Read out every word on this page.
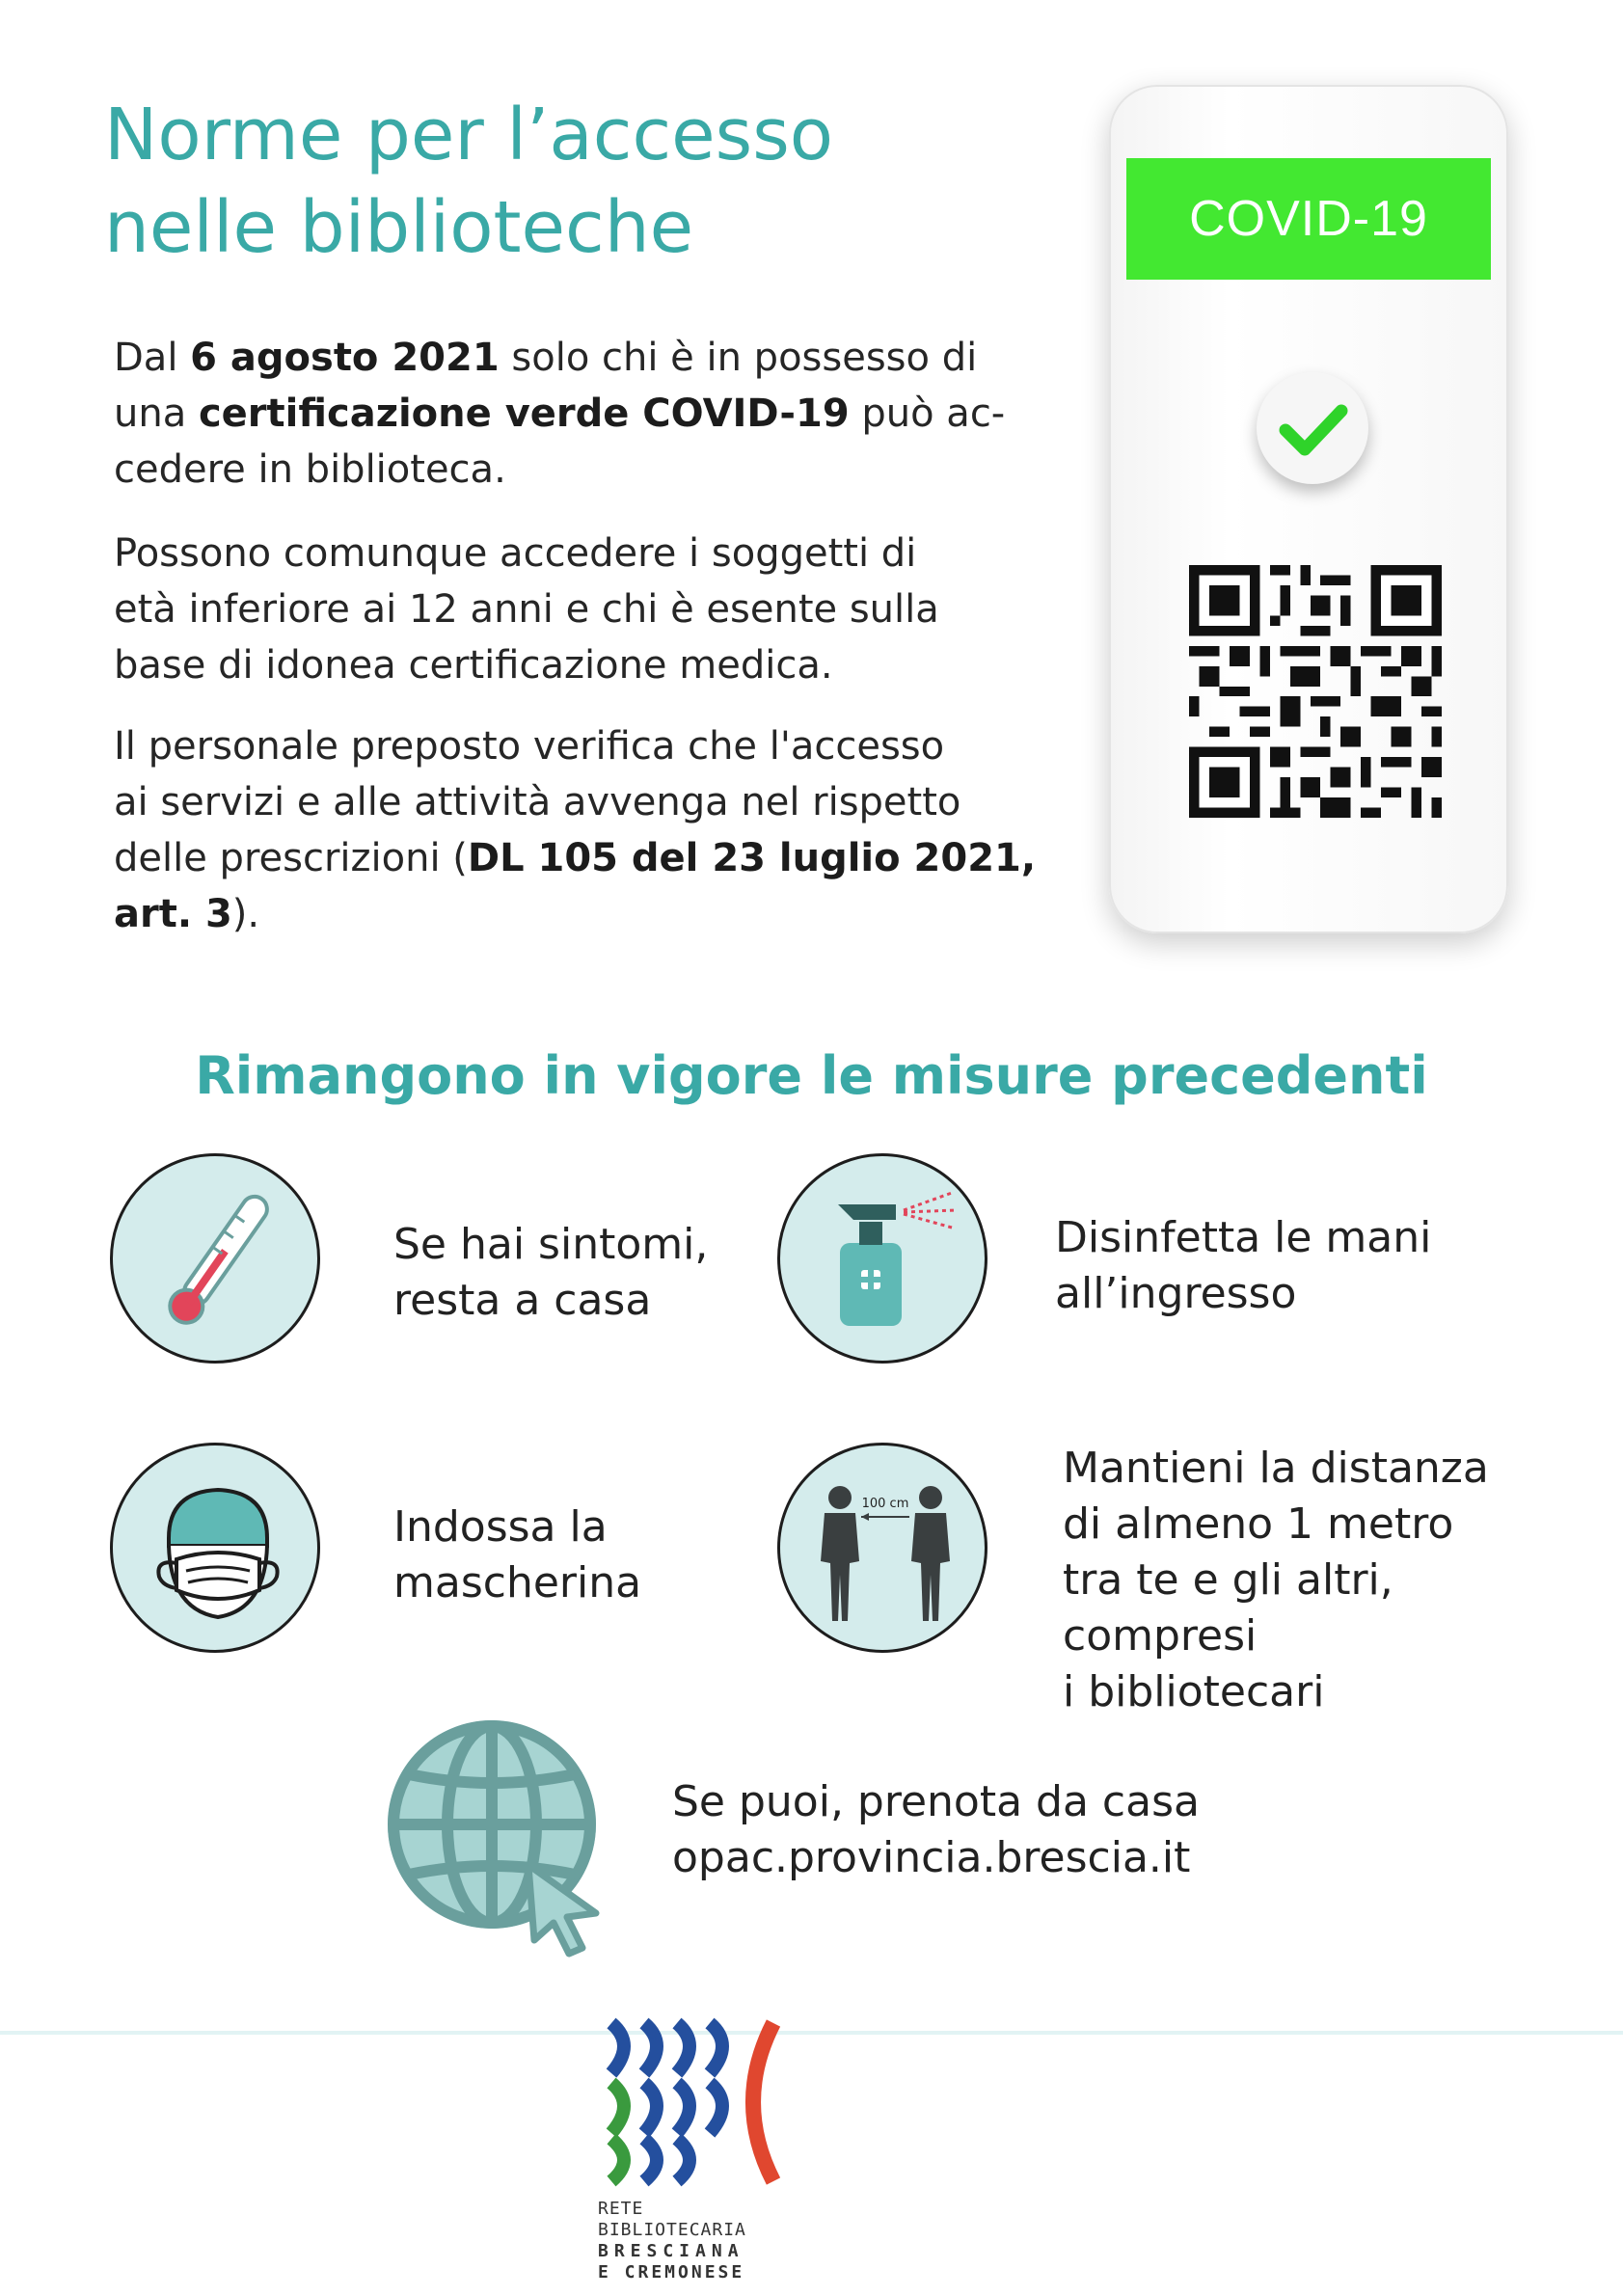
Norme per l’accesso
nelle biblioteche

Dal 6 agosto 2021 solo chi è in possesso di
una certificazione verde COVID-19 può ac-
cedere in biblioteca.

Possono comunque accedere i soggetti di
età inferiore ai 12 anni e chi è esente sulla
base di idonea certificazione medica.

Il personale preposto verifica che l'accesso
ai servizi e alle attività avvenga nel rispetto
delle prescrizioni (DL 105 del 23 luglio 2021,
art. 3).

COVID-19
Rimangono in vigore le misure precedenti
Se hai sintomi,
resta a casa
Disinfetta le mani
all’ingresso
Indossa la
mascherina
100 cm
Mantieni la distanza
di almeno 1 metro
tra te e gli altri,
compresi
i bibliotecari
Se puoi, prenota da casa
opac.provincia.brescia.it
RETE BIBLIOTECARIA
BRESCIANA
E CREMONESE
